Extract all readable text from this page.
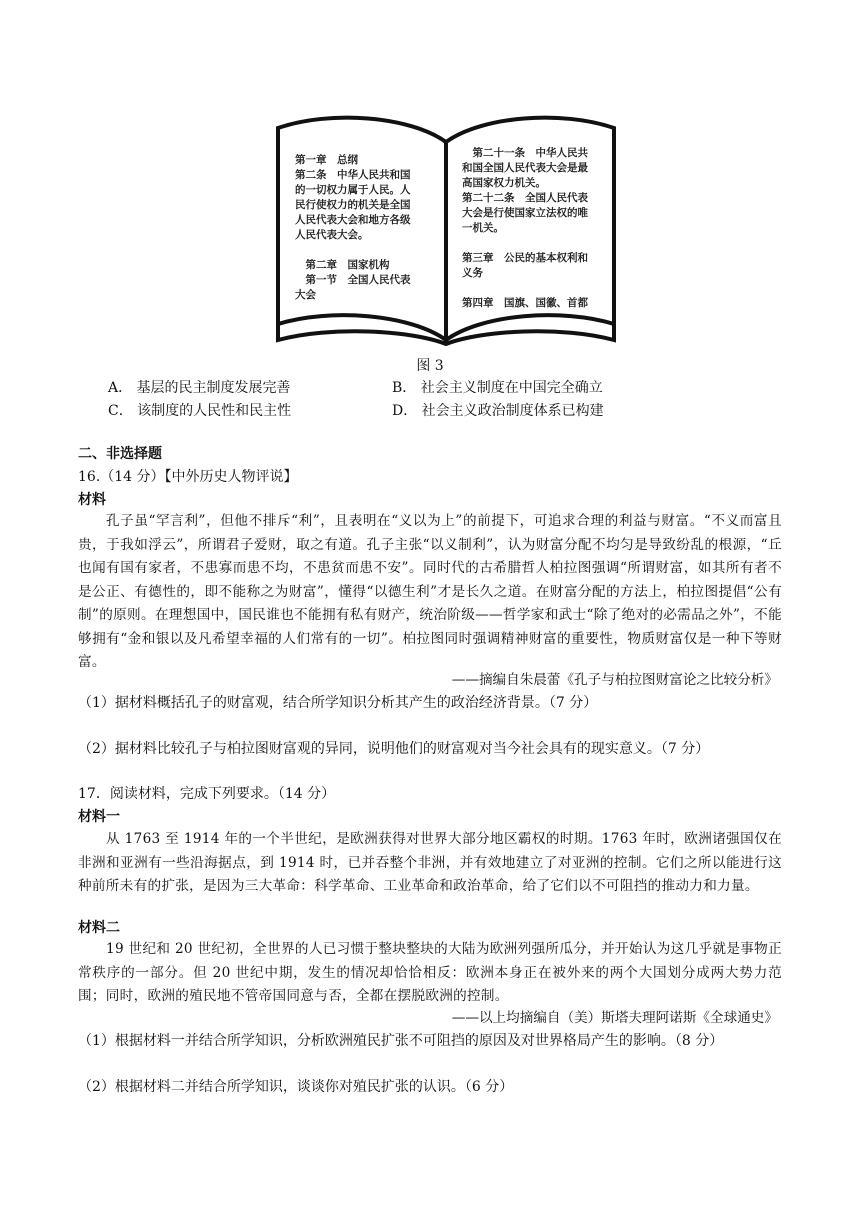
第一章　总纲
第二条　中华人民共和国
的一切权力属于人民。人
民行使权力的机关是全国
人民代表大会和地方各级
人民代表大会。

　第二章　国家机构
　第一节　全国人民代表
大会
　第二十一条　中华人民共
和国全国人民代表大会是最
高国家权力机关。
第二十二条　全国人民代表
大会是行使国家立法权的唯
一机关。

第三章　公民的基本权利和
义务

第四章　国旗、国徽、首都
图 3
A． 基层的民主制度发展完善	B． 社会主义制度在中国完全确立
C． 该制度的人民性和民主性	D． 社会主义政治制度体系已构建
二、非选择题
16.（14 分）【中外历史人物评说】
材料
孔子虽“罕言利”，但他不排斥“利”，且表明在“义以为上”的前提下，可追求合理的利益与财富。“不义而富且贵，于我如浮云”，所谓君子爱财，取之有道。孔子主张“以义制利”，认为财富分配不均匀是导致纷乱的根源，“丘也闻有国有家者，不患寡而患不均，不患贫而患不安”。同时代的古希腊哲人柏拉图强调“所谓财富，如其所有者不是公正、有德性的，即不能称之为财富”，懂得“以德生利”才是长久之道。在财富分配的方法上，柏拉图提倡“公有制”的原则。在理想国中，国民谁也不能拥有私有财产，统治阶级——哲学家和武士“除了绝对的必需品之外”，不能够拥有“金和银以及凡希望幸福的人们常有的一切”。柏拉图同时强调精神财富的重要性，物质财富仅是一种下等财富。
——摘编自朱晨蕾《孔子与柏拉图财富论之比较分析》
（1）据材料概括孔子的财富观，结合所学知识分析其产生的政治经济背景。（7 分）
（2）据材料比较孔子与柏拉图财富观的异同，说明他们的财富观对当今社会具有的现实意义。（7 分）
17．阅读材料，完成下列要求。（14 分）
材料一
从 1763 至 1914 年的一个半世纪，是欧洲获得对世界大部分地区霸权的时期。1763 年时，欧洲诸强国仅在非洲和亚洲有一些沿海据点，到 1914 时，已并吞整个非洲，并有效地建立了对亚洲的控制。它们之所以能进行这种前所未有的扩张，是因为三大革命：科学革命、工业革命和政治革命，给了它们以不可阻挡的推动力和力量。
材料二
19 世纪和 20 世纪初，全世界的人已习惯于整块整块的大陆为欧洲列强所瓜分，并开始认为这几乎就是事物正常秩序的一部分。但 20 世纪中期，发生的情况却恰恰相反：欧洲本身正在被外来的两个大国划分成两大势力范围；同时，欧洲的殖民地不管帝国同意与否，全都在摆脱欧洲的控制。
——以上均摘编自（美）斯塔夫理阿诺斯《全球通史》
（1）根据材料一并结合所学知识，分析欧洲殖民扩张不可阻挡的原因及对世界格局产生的影响。（8 分）
（2）根据材料二并结合所学知识，谈谈你对殖民扩张的认识。（6 分）
